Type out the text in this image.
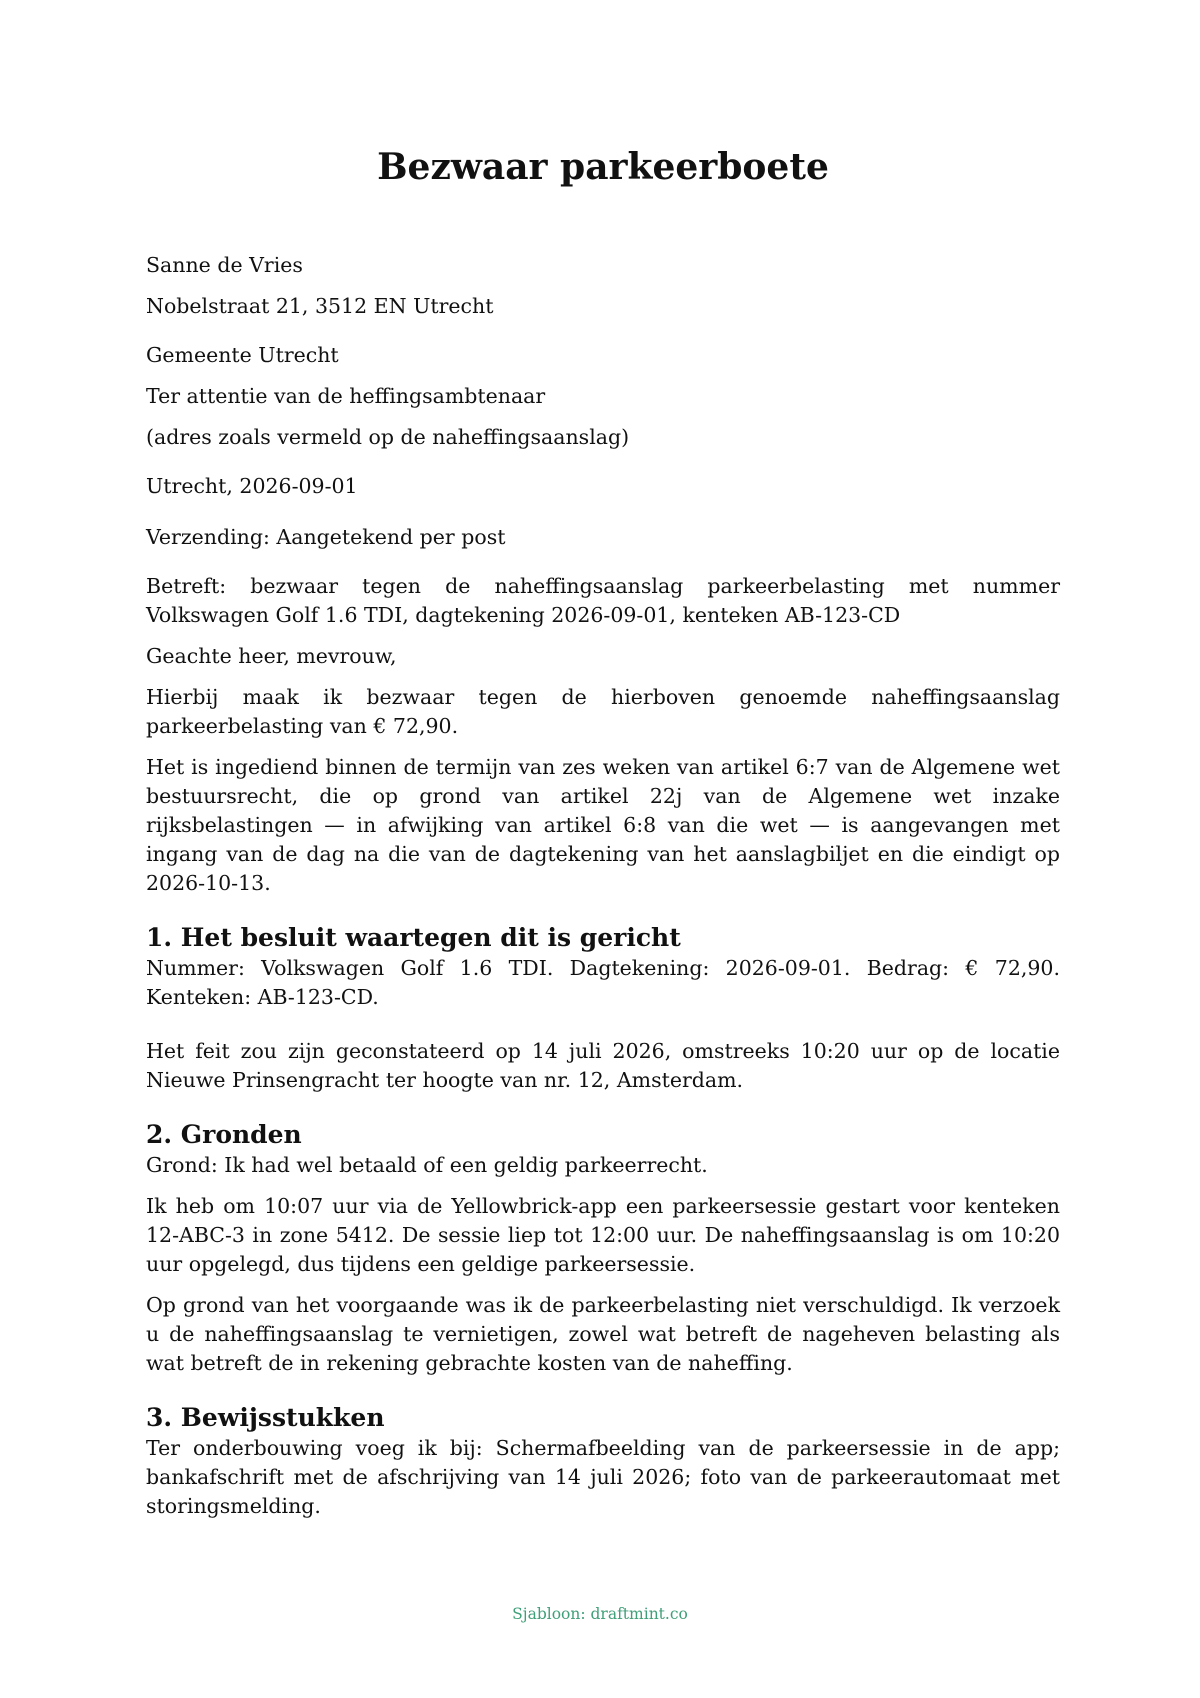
Bezwaar parkeerboete

Sanne de Vries

Nobelstraat 21, 3512 EN Utrecht

Gemeente Utrecht

Ter attentie van de heffingsambtenaar

(adres zoals vermeld op de naheffingsaanslag)

Utrecht, 2026-09-01

Verzending: Aangetekend per post

Betreft: bezwaar tegen de naheffingsaanslag parkeerbelasting met nummer Volkswagen Golf 1.6 TDI, dagtekening 2026-09-01, kenteken AB-123-CD

Geachte heer, mevrouw,

Hierbij maak ik bezwaar tegen de hierboven genoemde naheffingsaanslag parkeerbelasting van € 72,90.

Het is ingediend binnen de termijn van zes weken van artikel 6:7 van de Algemene wet bestuursrecht, die op grond van artikel 22j van de Algemene wet inzake rijksbelastingen — in afwijking van artikel 6:8 van die wet — is aangevangen met ingang van de dag na die van de dagtekening van het aanslagbiljet en die eindigt op 2026-10-13.

1. Het besluit waartegen dit is gericht

Nummer: Volkswagen Golf 1.6 TDI. Dagtekening: 2026-09-01. Bedrag: € 72,90. Kenteken: AB-123-CD.

Het feit zou zijn geconstateerd op 14 juli 2026, omstreeks 10:20 uur op de locatie Nieuwe Prinsengracht ter hoogte van nr. 12, Amsterdam.

2. Gronden

Grond: Ik had wel betaald of een geldig parkeerrecht.

Ik heb om 10:07 uur via de Yellowbrick-app een parkeersessie gestart voor kenteken 12-ABC-3 in zone 5412. De sessie liep tot 12:00 uur. De naheffingsaanslag is om 10:20 uur opgelegd, dus tijdens een geldige parkeersessie.

Op grond van het voorgaande was ik de parkeerbelasting niet verschuldigd. Ik verzoek u de naheffingsaanslag te vernietigen, zowel wat betreft de nageheven belasting als wat betreft de in rekening gebrachte kosten van de naheffing.

3. Bewijsstukken

Ter onderbouwing voeg ik bij: Schermafbeelding van de parkeersessie in de app; bankafschrift met de afschrijving van 14 juli 2026; foto van de parkeerautomaat met storingsmelding.

Sjabloon: draftmint.co
